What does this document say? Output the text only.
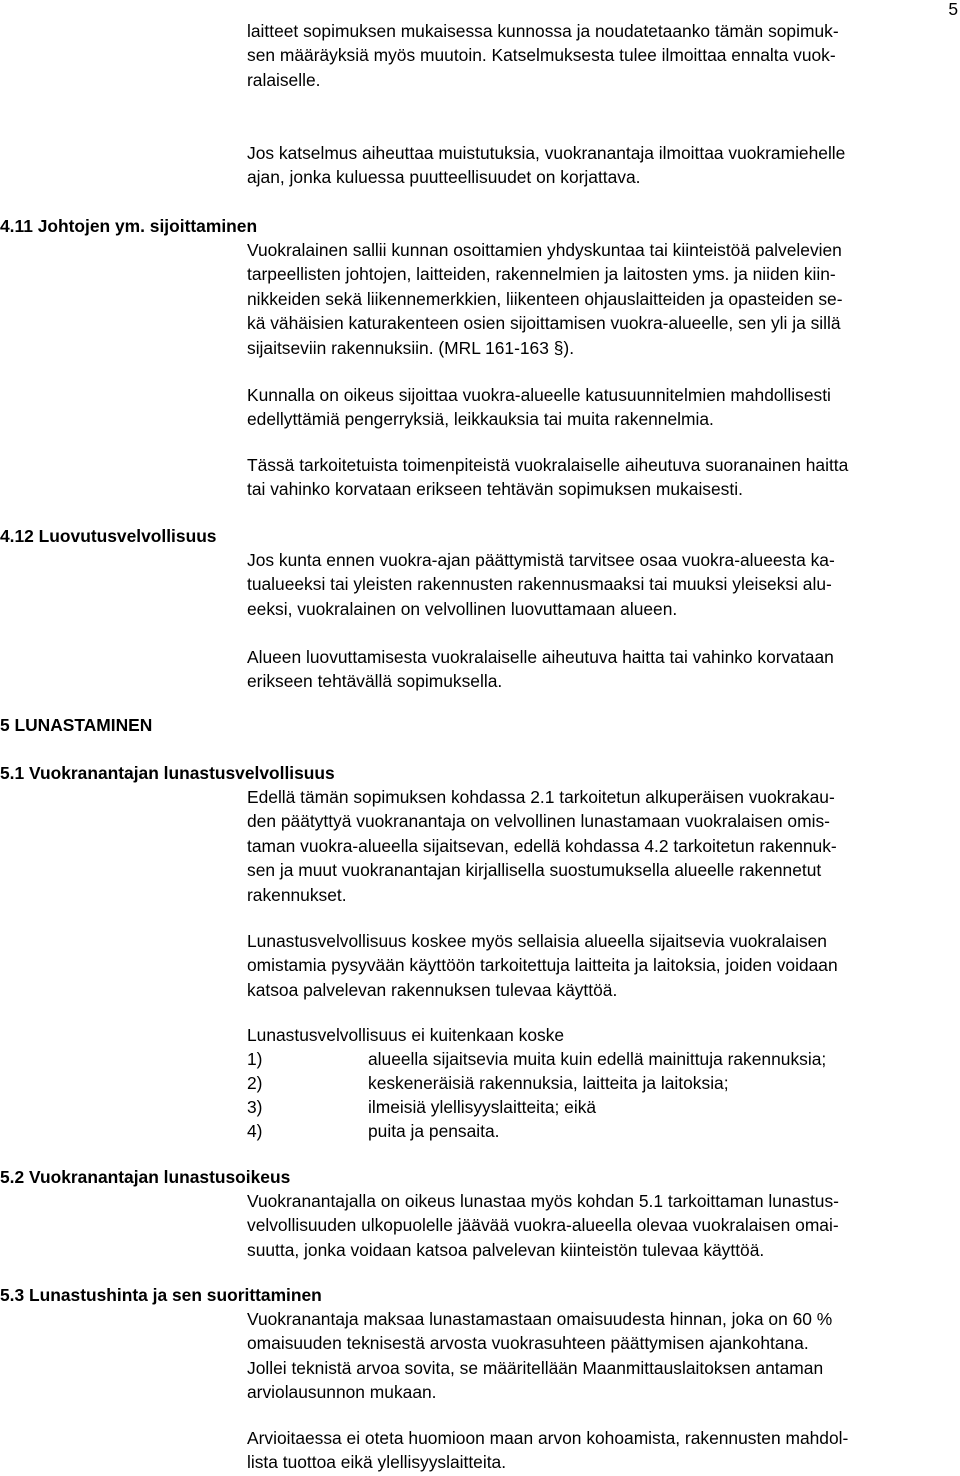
5
laitteet sopimuksen mukaisessa kunnossa ja noudatetaanko tämän sopimuk-
sen määräyksiä myös muutoin. Katselmuksesta tulee ilmoittaa ennalta vuok-
ralaiselle.
Jos katselmus aiheuttaa muistutuksia, vuokranantaja ilmoittaa vuokramiehelle
ajan, jonka kuluessa puutteellisuudet on korjattava.
4.11 Johtojen ym. sijoittaminen
Vuokralainen sallii kunnan osoittamien yhdyskuntaa tai kiinteistöä palvelevien
tarpeellisten johtojen, laitteiden, rakennelmien ja laitosten yms. ja niiden kiin-
nikkeiden sekä liikennemerkkien, liikenteen ohjauslaitteiden ja opasteiden se-
kä vähäisien katurakenteen osien sijoittamisen vuokra-alueelle, sen yli ja sillä
sijaitseviin rakennuksiin. (MRL 161-163 §).
Kunnalla on oikeus sijoittaa vuokra-alueelle katusuunnitelmien mahdollisesti
edellyttämiä pengerryksiä, leikkauksia tai muita rakennelmia.
Tässä tarkoitetuista toimenpiteistä vuokralaiselle aiheutuva suoranainen haitta
tai vahinko korvataan erikseen tehtävän sopimuksen mukaisesti.
4.12 Luovutusvelvollisuus
Jos kunta ennen vuokra-ajan päättymistä tarvitsee osaa vuokra-alueesta ka-
tualueeksi tai yleisten rakennusten rakennusmaaksi tai muuksi yleiseksi alu-
eeksi, vuokralainen on velvollinen luovuttamaan alueen.
Alueen luovuttamisesta vuokralaiselle aiheutuva haitta tai vahinko korvataan
erikseen tehtävällä sopimuksella.
5 LUNASTAMINEN
5.1 Vuokranantajan lunastusvelvollisuus
Edellä tämän sopimuksen kohdassa 2.1 tarkoitetun alkuperäisen vuokrakau-
den päätyttyä vuokranantaja on velvollinen lunastamaan vuokralaisen omis-
taman vuokra-alueella sijaitsevan, edellä kohdassa 4.2 tarkoitetun rakennuk-
sen ja muut vuokranantajan kirjallisella suostumuksella alueelle rakennetut
rakennukset.
Lunastusvelvollisuus koskee myös sellaisia alueella sijaitsevia vuokralaisen
omistamia pysyvään käyttöön tarkoitettuja laitteita ja laitoksia, joiden voidaan
katsoa palvelevan rakennuksen tulevaa käyttöä.
Lunastusvelvollisuus ei kuitenkaan koske
1)	alueella sijaitsevia muita kuin edellä mainittuja rakennuksia;
2)	keskeneräisiä rakennuksia, laitteita ja laitoksia;
3)	ilmeisiä ylellisyyslaitteita; eikä
4)	puita ja pensaita.
5.2 Vuokranantajan lunastusoikeus
Vuokranantajalla on oikeus lunastaa myös kohdan 5.1 tarkoittaman lunastus-
velvollisuuden ulkopuolelle jäävää vuokra-alueella olevaa vuokralaisen omai-
suutta, jonka voidaan katsoa palvelevan kiinteistön tulevaa käyttöä.
5.3 Lunastushinta ja sen suorittaminen
Vuokranantaja maksaa lunastamastaan omaisuudesta hinnan, joka on 60 %
omaisuuden teknisestä arvosta vuokrasuhteen päättymisen ajankohtana.
Jollei teknistä arvoa sovita, se määritellään Maanmittauslaitoksen antaman
arviolausunnon mukaan.
Arvioitaessa ei oteta huomioon maan arvon kohoamista, rakennusten mahdol-
lista tuottoa eikä ylellisyyslaitteita.
